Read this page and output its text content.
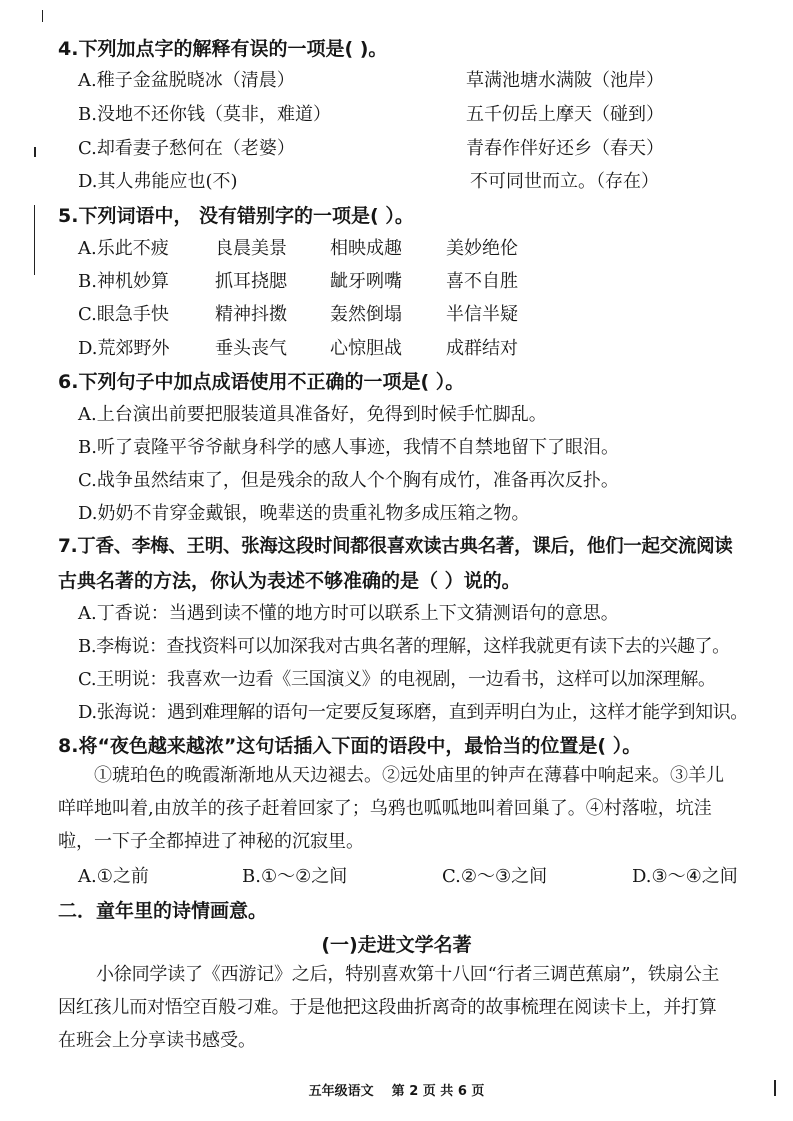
4.下列加点字的解释有误的一项是( )。
A.稚子金盆脱晓冰（清晨）	草满池塘水满陂（池岸）
B.没地不还你钱（莫非，难道）	五千仞岳上摩天（碰到）
C.却看妻子愁何在（老婆）	青春作伴好还乡（春天）
D.其人弗能应也(不)	不可同世而立。（存在）
5.下列词语中， 没有错别字的一项是( ）。
A.乐此不疲	良晨美景 相映成趣 美妙绝伦
B.神机妙算	抓耳挠腮 龇牙咧嘴 喜不自胜
C.眼急手快	精神抖擞 轰然倒塌 半信半疑
D.荒郊野外	垂头丧气 心惊胆战 成群结对
6.下列句子中加点成语使用不正确的一项是( ）。
A.上台演出前要把服装道具准备好，免得到时候手忙脚乱。
B.听了袁隆平爷爷献身科学的感人事迹，我情不自禁地留下了眼泪。
C.战争虽然结束了，但是残余的敌人个个胸有成竹，准备再次反扑。
D.奶奶不肯穿金戴银，晚辈送的贵重礼物多成压箱之物。
7.丁香、李梅、王明、张海这段时间都很喜欢读古典名著，课后，他们一起交流阅读
古典名著的方法，你认为表述不够准确的是（ ）说的。
A.丁香说：当遇到读不懂的地方时可以联系上下文猜测语句的意思。
B.李梅说：查找资料可以加深我对古典名著的理解，这样我就更有读下去的兴趣了。
C.王明说：我喜欢一边看《三国演义》的电视剧，一边看书，这样可以加深理解。
D.张海说：遇到难理解的语句一定要反复琢磨，直到弄明白为止，这样才能学到知识。
8.将“夜色越来越浓”这句话插入下面的语段中，最恰当的位置是( ）。
①琥珀色的晚霞渐渐地从天边褪去。②远处庙里的钟声在薄暮中响起来。③羊儿
咩咩地叫着,由放羊的孩子赶着回家了；乌鸦也呱呱地叫着回巢了。④村落啦，坑洼
啦，一下子全都掉进了神秘的沉寂里。
A.①之前	B.①～②之间	C.②～③之间	D.③～④之间
二．童年里的诗情画意。
(一)走进文学名著
小徐同学读了《西游记》之后，特别喜欢第十八回“行者三调芭蕉扇”，铁扇公主
因红孩儿而对悟空百般刁难。于是他把这段曲折离奇的故事梳理在阅读卡上，并打算
在班会上分享读书感受。
五年级语文    第 2 页 共 6 页
